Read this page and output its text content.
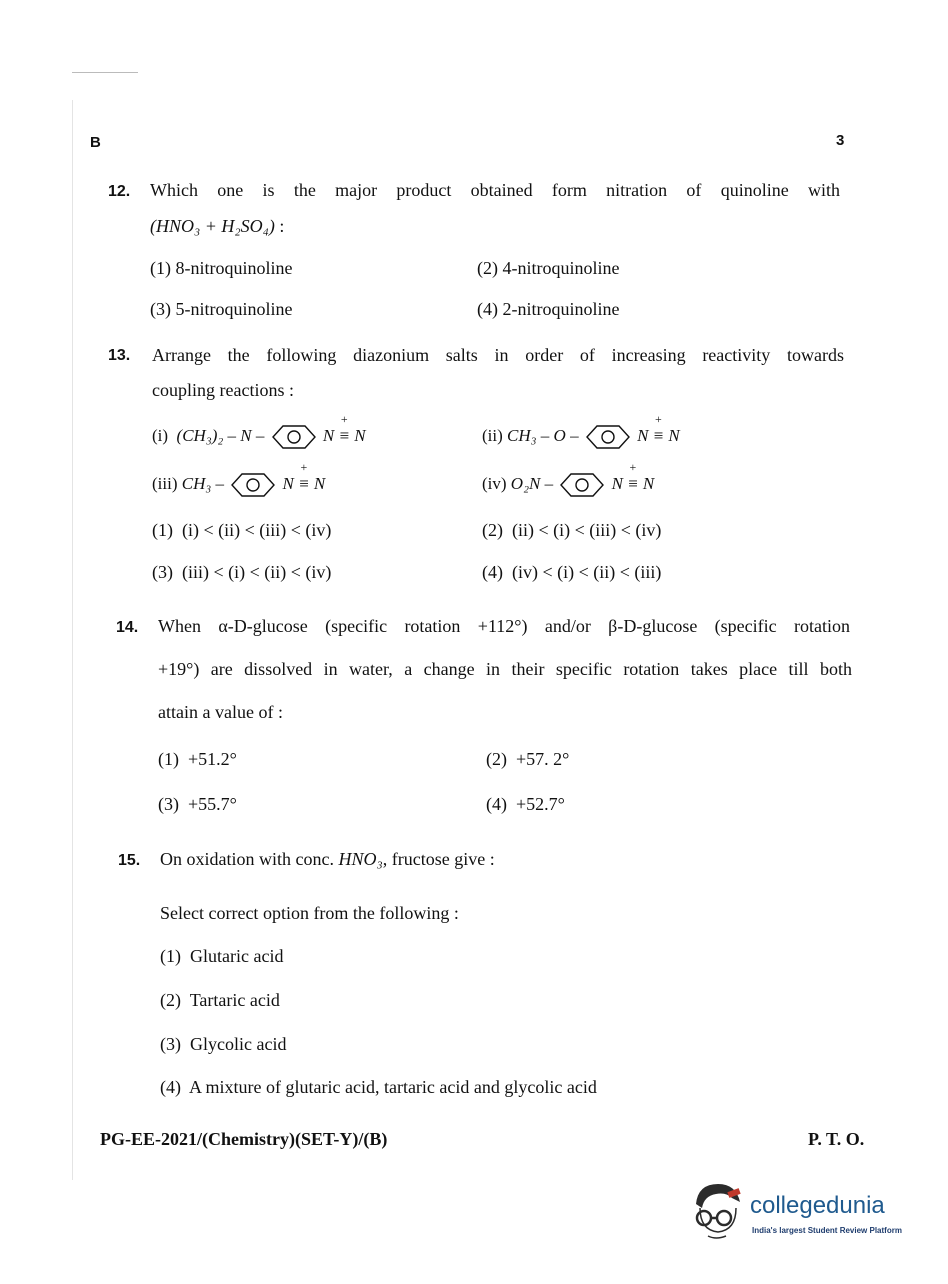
B	3
12. Which one is the major product obtained form nitration of quinoline with
(HNO₃ + H₂SO₄) :
(1) 8-nitroquinoline	(2) 4-nitroquinoline
(3) 5-nitroquinoline	(4) 2-nitroquinoline
13. Arrange the following diazonium salts in order of increasing reactivity towards
coupling reactions :
(i) (CH₃)₂ – N –
+
N ≡ N	(ii) CH₃ – O –
+
N ≡ N
(iii) CH₃ –
+
N ≡ N	(iv) O₂N –
+
N ≡ N
(1) (i) < (ii) < (iii) < (iv)	(2) (ii) < (i) < (iii) < (iv)
(3) (iii) < (i) < (ii) < (iv)	(4) (iv) < (i) < (ii) < (iii)
14. When α-D-glucose (specific rotation +112°) and/or β-D-glucose (specific rotation
+19°) are dissolved in water, a change in their specific rotation takes place till both
attain a value of :
(1) +51.2°	(2) +57. 2°
(3) +55.7°	(4) +52.7°
15. On oxidation with conc. HNO₃, fructose give :
Select correct option from the following :
(1) Glutaric acid
(2) Tartaric acid
(3) Glycolic acid
(4) A mixture of glutaric acid, tartaric acid and glycolic acid
PG-EE-2021/(Chemistry)(SET-Y)/(B)	P. T. O.
collegedunia
India's largest Student Review Platform
